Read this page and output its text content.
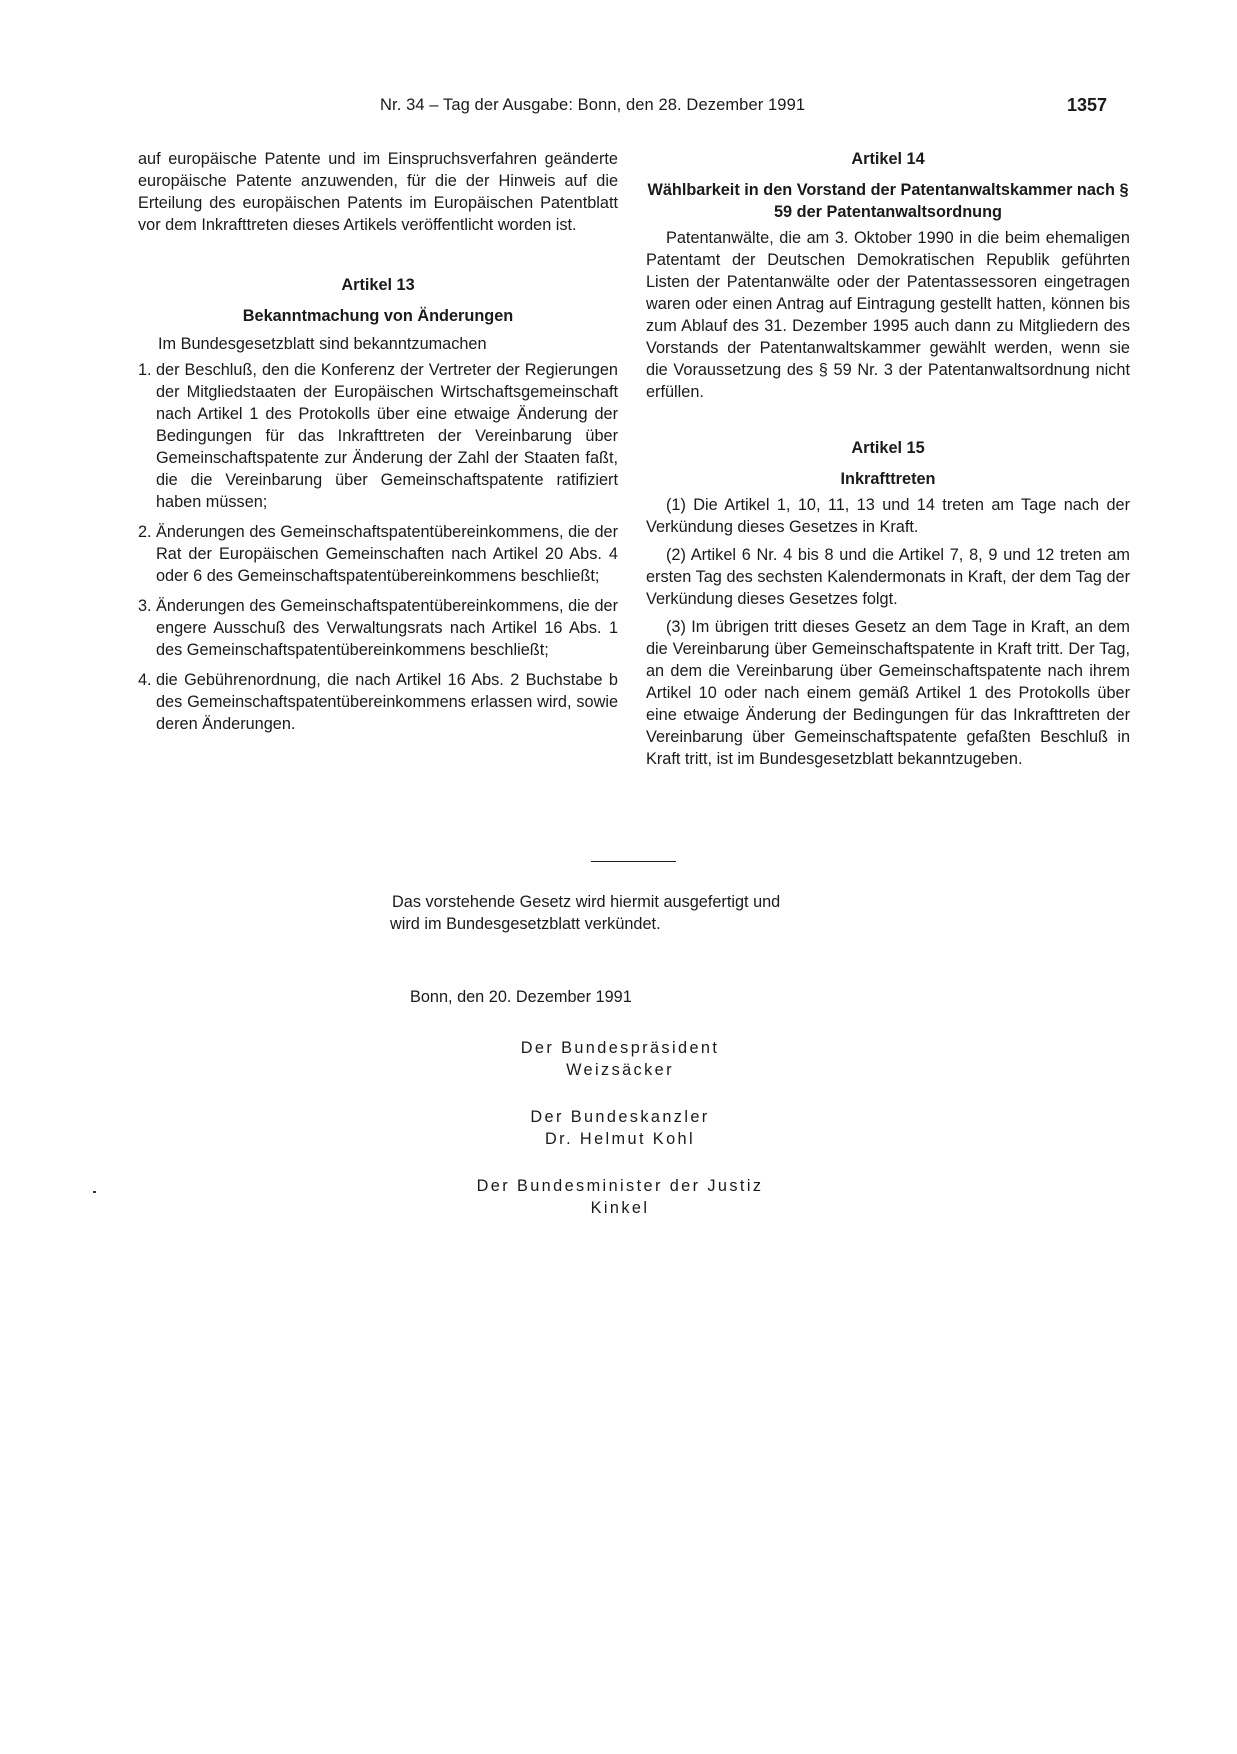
Nr. 34 – Tag der Ausgabe: Bonn, den 28. Dezember 1991	1357

auf europäische Patente und im Einspruchsverfahren geänderte europäische Patente anzuwenden, für die der Hinweis auf die Erteilung des europäischen Patents im Europäischen Patentblatt vor dem Inkrafttreten dieses Artikels veröffentlicht worden ist.

Artikel 13

Bekanntmachung von Änderungen

Im Bundesgesetzblatt sind bekanntzumachen

1. der Beschluß, den die Konferenz der Vertreter der Regierungen der Mitgliedstaaten der Europäischen Wirtschaftsgemeinschaft nach Artikel 1 des Protokolls über eine etwaige Änderung der Bedingungen für das Inkrafttreten der Vereinbarung über Gemeinschaftspatente zur Änderung der Zahl der Staaten faßt, die die Vereinbarung über Gemeinschaftspatente ratifiziert haben müssen;
2. Änderungen des Gemeinschaftspatentübereinkommens, die der Rat der Europäischen Gemeinschaften nach Artikel 20 Abs. 4 oder 6 des Gemeinschaftspatentübereinkommens beschließt;
3. Änderungen des Gemeinschaftspatentübereinkommens, die der engere Ausschuß des Verwaltungsrats nach Artikel 16 Abs. 1 des Gemeinschaftspatentübereinkommens beschließt;
4. die Gebührenordnung, die nach Artikel 16 Abs. 2 Buchstabe b des Gemeinschaftspatentübereinkommens erlassen wird, sowie deren Änderungen.

Artikel 14

Wählbarkeit in den Vorstand der Patentanwaltskammer nach § 59 der Patentanwaltsordnung

Patentanwälte, die am 3. Oktober 1990 in die beim ehemaligen Patentamt der Deutschen Demokratischen Republik geführten Listen der Patentanwälte oder der Patentassessoren eingetragen waren oder einen Antrag auf Eintragung gestellt hatten, können bis zum Ablauf des 31. Dezember 1995 auch dann zu Mitgliedern des Vorstands der Patentanwaltskammer gewählt werden, wenn sie die Voraussetzung des § 59 Nr. 3 der Patentanwaltsordnung nicht erfüllen.

Artikel 15

Inkrafttreten

(1) Die Artikel 1, 10, 11, 13 und 14 treten am Tage nach der Verkündung dieses Gesetzes in Kraft.

(2) Artikel 6 Nr. 4 bis 8 und die Artikel 7, 8, 9 und 12 treten am ersten Tag des sechsten Kalendermonats in Kraft, der dem Tag der Verkündung dieses Gesetzes folgt.

(3) Im übrigen tritt dieses Gesetz an dem Tage in Kraft, an dem die Vereinbarung über Gemeinschaftspatente in Kraft tritt. Der Tag, an dem die Vereinbarung über Gemeinschaftspatente nach ihrem Artikel 10 oder nach einem gemäß Artikel 1 des Protokolls über eine etwaige Änderung der Bedingungen für das Inkrafttreten der Vereinbarung über Gemeinschaftspatente gefaßten Beschluß in Kraft tritt, ist im Bundesgesetzblatt bekanntzugeben.

Das vorstehende Gesetz wird hiermit ausgefertigt und
wird im Bundesgesetzblatt verkündet.
Bonn, den 20. Dezember 1991
Der Bundespräsident
Weizsäcker
Der Bundeskanzler
Dr. Helmut Kohl
Der Bundesminister der Justiz
Kinkel
